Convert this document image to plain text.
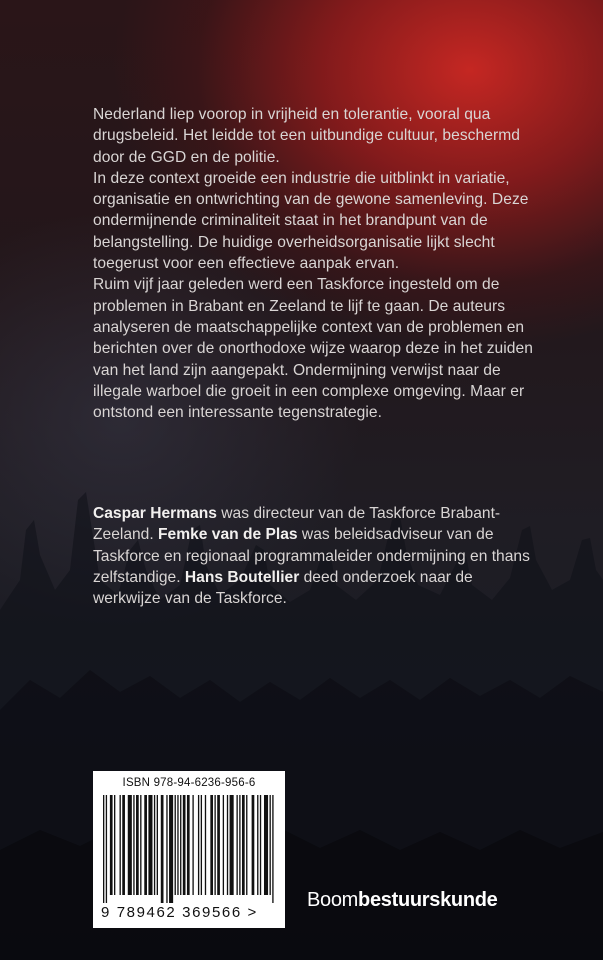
Nederland liep voorop in vrijheid en tolerantie, vooral qua drugsbeleid. Het leidde tot een uitbundige cultuur, beschermd door de GGD en de politie.

In deze context groeide een industrie die uitblinkt in variatie, organisatie en ontwrichting van de gewone samenleving. Deze ondermijnende criminaliteit staat in het brandpunt van de belangstelling. De huidige overheidsorganisatie lijkt slecht toegerust voor een effectieve aanpak ervan.

Ruim vijf jaar geleden werd een Taskforce ingesteld om de problemen in Brabant en Zeeland te lijf te gaan. De auteurs analyseren de maatschappelijke context van de problemen en berichten over de onorthodoxe wijze waarop deze in het zuiden van het land zijn aangepakt. Ondermijning verwijst naar de illegale warboel die groeit in een complexe omgeving. Maar er ontstond een interessante tegenstrategie.

Caspar Hermans was directeur van de Taskforce Brabant-Zeeland. Femke van de Plas was beleidsadviseur van de Taskforce en regionaal programmaleider ondermijning en thans zelfstandige. Hans Boutellier deed onderzoek naar de werkwijze van de Taskforce.
ISBN 978-94-6236-956-6
9 789462 369566 >
Boombestuurskunde
